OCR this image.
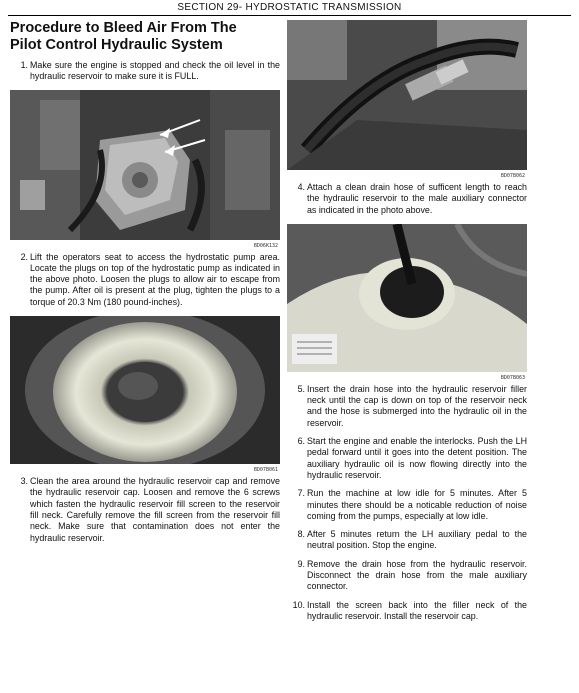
SECTION 29- HYDROSTATIC TRANSMISSION
Procedure to Bleed Air From The
Pilot Control Hydraulic System
1. Make sure the engine is stopped and check the oil level in the hydraulic reservoir to make sure it is FULL.
BD06K132
2. Lift the operators seat to access the hydrostatic pump area. Locate the plugs on top of the hydrostatic pump as indicated in the above photo. Loosen the plugs to allow air to escape from the pump. After oil is present at the plug, tighten the plugs to a torque of 20.3 Nm (180 pound-inches).
BD07B061
3. Clean the area around the hydraulic reservoir cap and remove the hydraulic reservoir cap. Loosen and remove the 6 screws which fasten the hydraulic reservoir fill screen to the reservoir fill neck. Carefully remove the fill screen from the reservoir fill neck. Make sure that contamination does not enter the hydraulic reservoir.
BD07B062
4. Attach a clean drain hose of sufficent length to reach the hydraulic reservoir to the male auxiliary connector as indicated in the photo above.
BD07B063
5. Insert the drain hose into the hydraulic reservoir filler neck until the cap is down on top of the reservoir neck and the hose is submerged into the hydraulic oil in the reservoir.
6. Start the engine and enable the interlocks. Push the LH pedal forward until it goes into the detent position. The auxiliary hydraulic oil is now flowing directly into the hydraulic reservoir.
7. Run the machine at low idle for 5 minutes. After 5 minutes there should be a noticable reduction of noise coming from the pumps, especially at low idle.
8. After 5 minutes return the LH auxiliary pedal to the neutral position. Stop the engine.
9. Remove the drain hose from the hydraulic reservoir. Disconnect the drain hose from the male auxiliary connector.
10. Install the screen back into the filler neck of the hydraulic reservoir. Install the reservoir cap.
